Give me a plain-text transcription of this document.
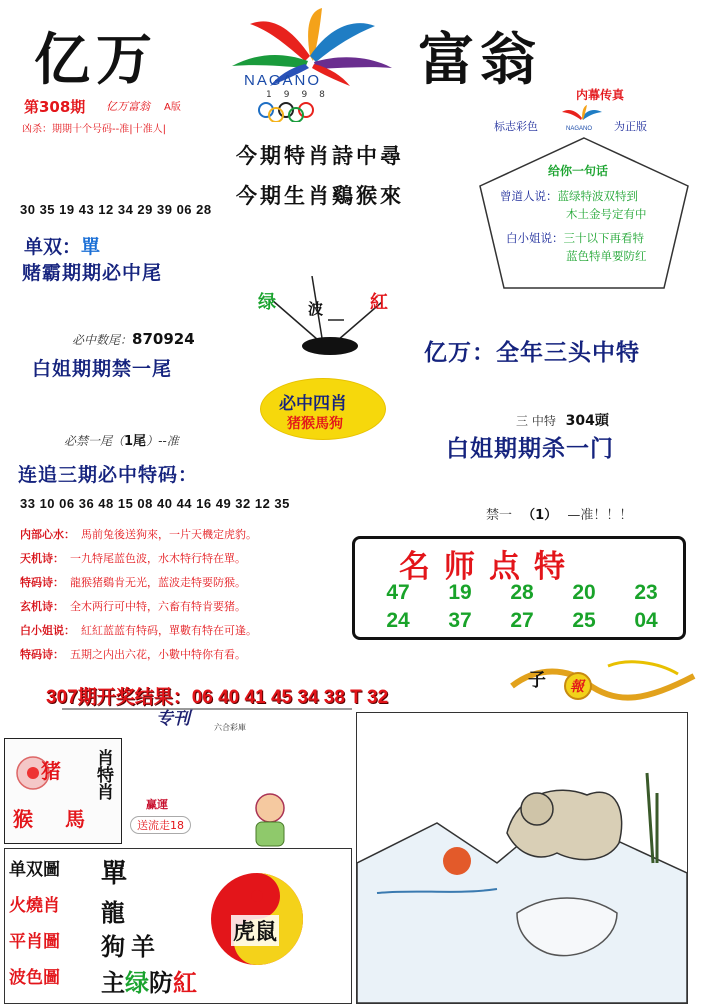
亿万	富翁
NAGANO
1998
第308期 亿万富翁 A版
凶杀：期期十个号码--准|十准人|
今期特肖詩中尋
今期生肖鷄猴來
内幕传真
标志彩色	NAGANO 为正版
给你一句话
曾道人说：蓝绿特波双特到
木土金号定有中
白小姐说：三十以下再看特
蓝色特单要防红
30 35 19 43 12 34 29 39 06 28
单双：單
赌霸期期必中尾
绿 波	紅
必中数尾：870924
白姐期期禁一尾
亿万：全年三头中特
必中四肖
猪猴馬狗
必禁一尾（1尾）--准
三 中特 304頭
白姐期期杀一门
连追三期必中特码：
33 10 06 36 48 15 08 40 44 16 49 32 12 35
禁一 （1） —准！！！
内部心水： 馬前兔後送狗來，一片天機定虎豹。
天机诗： 一九特尾蓝色波，水木特行特在單。
特码诗： 龍猴猪鷄肯无光，蓝波走特要防猴。
玄机诗： 全木两行可中特，六畜有特肯要猪。
白小姐说： 紅紅蓝蓝有特码，單數有特在可逢。
特码诗： 五期之内出六花，小數中特你有看。
名师点特
47 19 28 20 23
24 37 27 25 04
子 報
307期开奖结果：06 40 41 45 34 38 T 32
专刊	六合彩庫
猪
猴 馬
肖特肖
赢運
送流走18
单双圖
火燒肖
平肖圖
波色圖
單
龍
狗羊
主绿防紅
虎鼠
